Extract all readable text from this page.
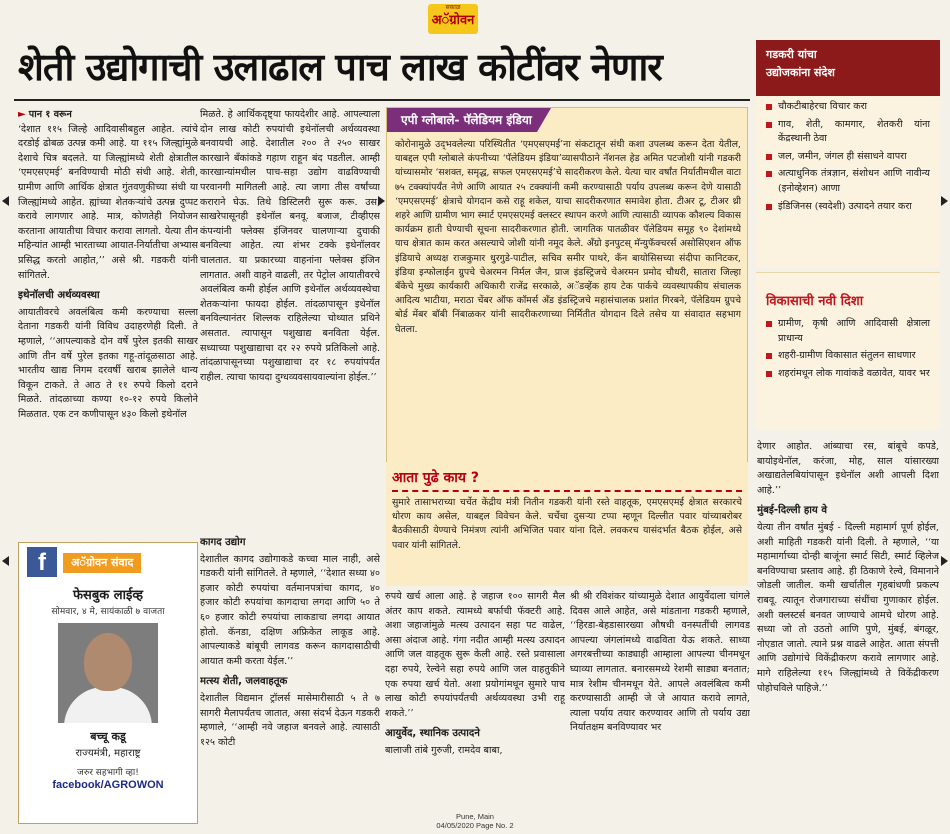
सकाळ
अॅग्रोवन
शेती उद्योगाची उलाढाल पाच लाख कोटींवर नेणार

► पान १ वरून

‘देशात ११५ जिल्हे आदिवासीबहुल आहेत. त्यांचे दरडोई ढोबळ उत्पन्न कमी आहे. या ११५ जिल्ह्यांमुळे देशाचे चित्र बदलते. या जिल्ह्यांमध्ये शेती क्षेत्रातील ‘एमएसएमई’ बनविण्याची मोठी संधी आहे. शेती, ग्रामीण आणि आर्थिक क्षेत्रात गुंतवणुकीच्या संधी या जिल्ह्यांमध्ये आहेत. ह्यांच्या शेतकऱ्यांचे उत्पन्न दुप्पट करावे लागणार आहे. मात्र, कोणतेही नियोजन करताना आयातीचा विचार करावा लागतो. येत्या तीन महिन्यांत आम्ही भारताच्या आयात-निर्यातीचा अभ्यास प्रसिद्ध करतो आहोत,’’ असे श्री. गडकरी यांनी सांगितले.

इथेनॉलची अर्थव्यवस्था

आयातीवरचे अवलंबित्व कमी करण्याचा सल्ला देताना गडकरी यांनी विविध उदाहरणेही दिली. ते म्हणाले, ‘‘आपल्याकडे दोन वर्षे पुरेल इतकी साखर आणि तीन वर्षे पुरेल इतका गहू-तांदूळसाठा आहे. भारतीय खाद्य निगम दरवर्षी खराब झालेले धान्य विकून टाकते. ते आठ ते ११ रुपये किलो दराने मिळते. तांदळाच्या कण्या १०-१२ रुपये किलोने मिळतात. एक टन कणीपासून ४३० किलो इथेनॉल

मिळते. हे आर्थिकदृष्ट्या फायदेशीर आहे. आपल्याला दोन लाख कोटी रुपयांची इथेनॉलची अर्थव्यवस्था बनवायची आहे. देशातील २०० ते २५० साखर कारखाने बँकांकडे गहाण राहून बंद पडतील. आम्ही कारखान्यांमधील पाच-सहा उद्योग वाढविण्याची परवानगी मागितली आहे. त्या जागा तीस वर्षांच्या कराराने घेऊ. तिथे डिस्टिलरी सुरू करू. उस, साखरेपासूनही इथेनॉल बनवू. बजाज, टीव्हीएस कंपन्यांनी फ्लेक्स इंजिनवर चालणाऱ्या दुचाकी बनविल्या आहेत. त्या शंभर टक्के इथेनॉलवर चालतात. या प्रकारच्या वाहनांना फ्लेक्स इंजिन लागतात. अशी वाहने वाढली, तर पेट्रोल आयातीवरचे अवलंबित्व कमी होईल आणि इथेनॉल अर्थव्यवस्थेचा शेतकऱ्यांना फायदा होईल. तांदळापासून इथेनॉल बनविल्यानंतर शिल्लक राहिलेल्या चोथ्यात प्रथिने असतात. त्यापासून पशुखाद्य बनविता येईल. सध्याच्या पशुखाद्याचा दर २२ रुपये प्रतिकिलो आहे. तांदळापासूनच्या पशुखाद्याचा दर १८ रुपयांपर्यंत राहील. त्याचा फायदा दुग्धव्यवसायवाल्यांना होईल.’’

कागद उद्योग

देशातील कागद उद्योगाकडे कच्चा माल नाही, असे गडकरी यांनी सांगितले. ते म्हणाले, ‘‘देशात सध्या ४० हजार कोटी रुपयांचा वर्तमानपत्रांचा कागद, ४० हजार कोटी रुपयांचा कागदाचा लगदा आणि ५० ते ६० हजार कोटी रुपयांचा लाकडाचा लगदा आयात होतो. कॅनडा, दक्षिण अफ्रिकेत लाकूड आहे. आपल्याकडे बांबूची लागवड करून कागदासाठीची आयात कमी करता येईल.’’

मत्स्य शेती, जलवाहतूक

देशातील विद्यमान ट्रॉलर्स मासेमारीसाठी ५ ते ७ सागरी मैलापर्यंतच जातात, असा संदर्भ देऊन गडकरी म्हणाले, ‘‘आम्ही नवे जहाज बनवले आहे. त्यासाठी १२५ कोटी

एपी ग्लोबाले- पॅलेडियम इंडिया
कोरोनामुळे उद्‌भवलेल्या परिस्थितीत ‘एमएसएमई’ना संकटातून संधी कशा उपलब्ध करून देता येतील, याबद्दल एपी ग्लोबाले कंपनीच्या ‘पॅलेडियम इंडिया’व्यासपीठाने नॅशनल हेड अमित पटजोशी यांनी गडकरी यांच्यासमोर ‘सशक्त, समृद्ध, सफल एमएसएमई’चे सादरीकरण केले. येत्या चार वर्षांत निर्यातीमधील वाटा ७५ टक्क्यांपर्यंत नेणे आणि आयात २५ टक्क्यांनी कमी करण्यासाठी पर्याय उपलब्ध करून देणे यासाठी ‘एमएसएमई’ क्षेत्राचे योगदान कसे राहू शकेल, याचा सादरीकरणात समावेश होता. टीअर टू, टीअर थ्री शहरे आणि ग्रामीण भाग स्मार्ट एमएसएमई क्लस्टर स्थापन करणे आणि त्यासाठी व्यापक कौशल्य विकास कार्यक्रम हाती घेण्याची सूचना सादरीकरणात होती. जागतिक पातळीवर पॅलेडियम समूह ९० देशांमध्ये याच क्षेत्रात काम करत असल्याचे जोशी यांनी नमूद केले. अँग्रो इनपुटस्‌ मॅन्युफॅक्चरर्स असोसिएशन ऑफ इंडियाचे अध्यक्ष राजकुमार धुरगुडे-पाटील, सचिव समीर पाथरे, कँन बायोसिसच्या संदीपा कानिटकर, इंडिया इन्फोलाईन ग्रुपचे चेअरमन निर्मल जैन, प्राज इंडस्ट्रिजचे चेअरमन प्रमोद चौधरी, सातारा जिल्हा बँकेचे मुख्य कार्यकारी अधिकारी राजेंद्र सरकाळे, अॅडव्हेंक हाय टेक पार्कचे व्यवस्थापकीय संचालक आदित्य भाटीया, मराठा चेंबर ऑफ कॉमर्स अँड इंडस्ट्रिजचे महासंचालक प्रशांत गिरबने, पॅलेडियम ग्रुपचे बोर्ड मेंबर बॉबी निंबाळकर यांनी सादरीकरणाच्या निर्मितीत योगदान दिले तसेच या संवादात सहभाग घेतला.
आता पुढे काय ?
सुमारे तासाभराच्या चर्चेत केंद्रीय मंत्री नितीन गडकरी यांनी रस्ते वाहतूक, एमएसएमई क्षेत्रात सरकारचे धोरण काय असेल, याबद्दल विवेचन केले. चर्चेचा दुसऱ्या टप्पा म्हणून दिल्लीत पवार यांच्याबरोबर बैठकीसाठी येण्याचे निमंत्रण त्यांनी अभिजित पवार यांना दिले. लवकरच यासंदर्भात बैठक होईल, असे पवार यांनी सांगितले.

रुपये खर्च आला आहे. हे जहाज १०० सागरी मैल अंतर काप शकते. त्यामध्ये बर्फाची फॅक्टरी आहे. अशा जहाजांमुळे मत्स्य उत्पादन सहा पट वाढेल, असा अंदाज आहे. गंगा नदीत आम्ही मत्स्य उत्पादन आणि जल वाहतूक सुरू केली आहे. रस्ते प्रवासाला दहा रुपये, रेल्वेने सहा रुपये आणि जल वाहतुकीने एक रुपया खर्च येतो. अशा प्रयोगांमधून सुमारे पाच लाख कोटी रुपयांपर्यंतची अर्थव्यवस्था उभी राहू शकते.’’

आयुर्वेद, स्थानिक उत्पादने

बालाजी तांबे गुरुजी, रामदेव बाबा,

श्री श्री रविशंकर यांच्यामुळे देशात आयुर्वेदाला चांगले दिवस आले आहेत, असे मांडताना गडकरी म्हणाले, ‘‘हिरडा-बेहडासारख्या औषधी वनस्पतींची लागवड आपल्या जंगलांमध्ये वाढविता येऊ शकते. साध्या अगरबत्तीच्या काड्याही आम्हाला आपल्या चीनमधून घ्याव्या लागतात. बनारसमध्ये रेशमी साड्या बनतात; मात्र रेशीम चीनमधून येते. आपले अवलंबित्व कमी करण्यासाठी आम्ही जे जे आयात करावे लागते, त्याला पर्याय तयार करण्यावर आणि तो पर्याय उद्या निर्यातक्षम बनविण्यावर भर

गडकरी यांचा
उद्योजकांना संदेश
चौकटीबाहेरचा विचार करा
गाव, शेती, कामगार, शेतकरी यांना केंद्रस्थानी ठेवा
जल, जमीन, जंगल ही संसाधने वापरा
अत्याधुनिक तंत्रज्ञान, संशोधन आणि नावीन्य (इनोव्हेशन) आणा
इंडिजिनस (स्वदेशी) उत्पादने तयार करा
विकासाची नवी दिशा
ग्रामीण, कृषी आणि आदिवासी क्षेत्राला प्राधान्य
शहरी-ग्रामीण विकासात संतुलन साधणार
शहरांमधून लोक गावांकडे वळावेत, यावर भर

देणार आहोत. आंब्याचा रस, बांबूचे कपडे, बायोइथेनॉल, करंजा, मोह, साल यांसारख्या अखाद्यतेलबियांपासून इथेनॉल अशी आपली दिशा आहे.’’

मुंबई-दिल्ली हाय वे

येत्या तीन वर्षांत मुंबई - दिल्ली महामार्ग पूर्ण होईल, अशी माहिती गडकरी यांनी दिली. ते म्हणाले, ‘‘या महामार्गाच्या दोन्ही बाजूंना स्मार्ट सिटी, स्मार्ट व्हिलेज बनविण्याचा प्रस्ताव आहे. ही ठिकाणे रेल्वे, विमानाने जोडली जातील. कमी खर्चातील गृहबांधणी प्रकल्प राबवू. त्यातून रोजगाराच्या संधींचा गुणाकार होईल. अशी क्लस्टर्स बनवत जाण्याचे आमचे धोरण आहे. सध्या जो तो उठतो आणि पुणे, मुंबई, बंगळूर, नोएडात जातो. त्याने प्रश्न वाढले आहेत. आता संपत्ती आणि उद्योगांचे विकेंद्रीकरण करावे लागणार आहे. मागे राहिलेल्या ११५ जिल्ह्यांमध्ये ते विकेंद्रीकरण पोहोचविले पाहिजे.’’

f	अॅग्रोवन संवाद
फेसबुक लाईव्ह
सोमवार, ४ मे, सायंकाळी ७ वाजता
बच्चू कडू
राज्यमंत्री, महाराष्ट्र
जरुर सहभागी व्हा!
facebook/AGROWON
Pune, Main
04/05/2020 Page No. 2
